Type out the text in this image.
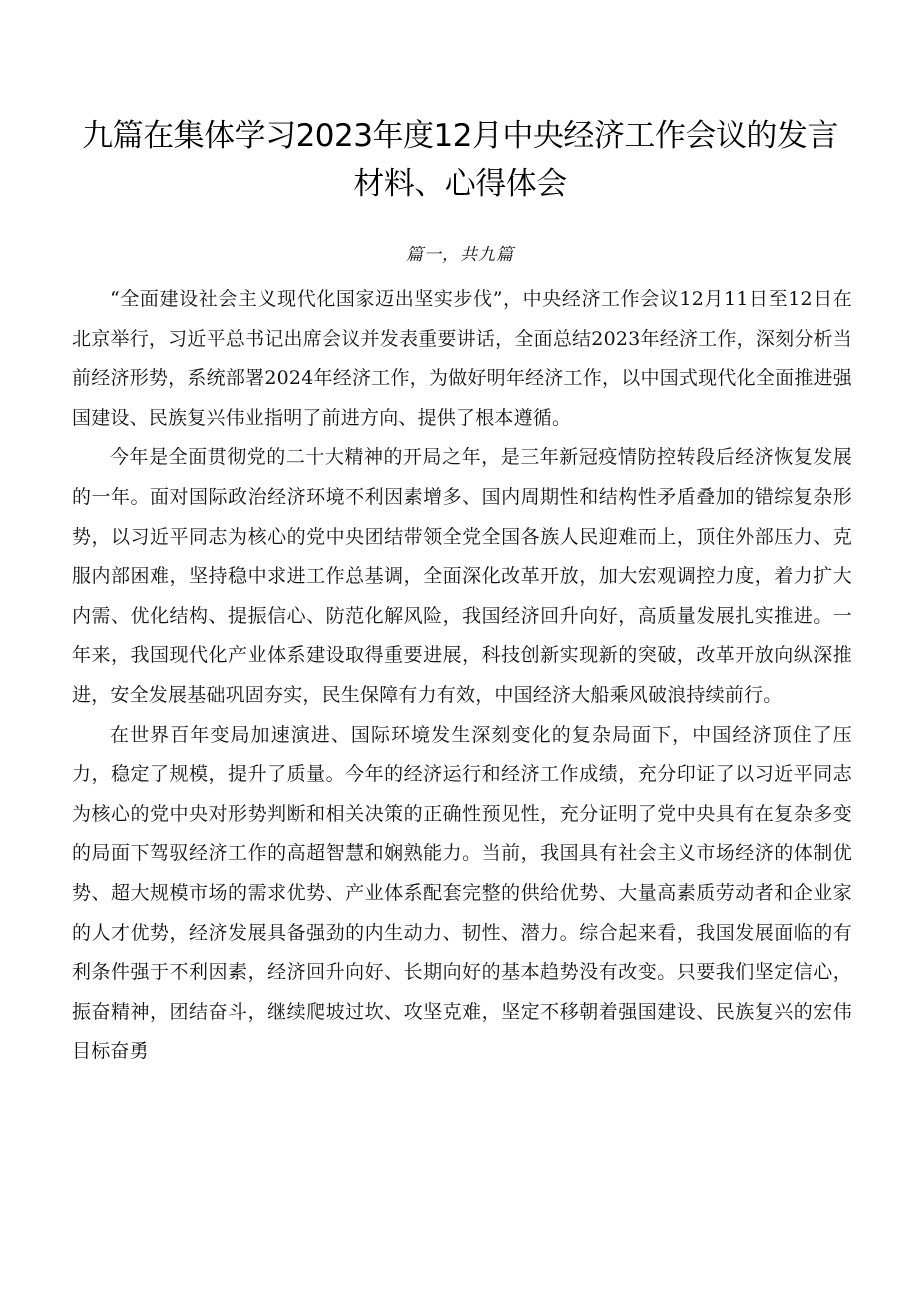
九篇在集体学习2023年度12月中央经济工作会议的发言材料、心得体会
篇一，共九篇

“全面建设社会主义现代化国家迈出坚实步伐”，中央经济工作会议12月11日至12日在北京举行，习近平总书记出席会议并发表重要讲话，全面总结2023年经济工作，深刻分析当前经济形势，系统部署2024年经济工作，为做好明年经济工作，以中国式现代化全面推进强国建设、民族复兴伟业指明了前进方向、提供了根本遵循。

今年是全面贯彻党的二十大精神的开局之年，是三年新冠疫情防控转段后经济恢复发展的一年。面对国际政治经济环境不利因素增多、国内周期性和结构性矛盾叠加的错综复杂形势，以习近平同志为核心的党中央团结带领全党全国各族人民迎难而上，顶住外部压力、克服内部困难，坚持稳中求进工作总基调，全面深化改革开放，加大宏观调控力度，着力扩大内需、优化结构、提振信心、防范化解风险，我国经济回升向好，高质量发展扎实推进。一年来，我国现代化产业体系建设取得重要进展，科技创新实现新的突破，改革开放向纵深推进，安全发展基础巩固夯实，民生保障有力有效，中国经济大船乘风破浪持续前行。

在世界百年变局加速演进、国际环境发生深刻变化的复杂局面下，中国经济顶住了压力，稳定了规模，提升了质量。今年的经济运行和经济工作成绩，充分印证了以习近平同志为核心的党中央对形势判断和相关决策的正确性预见性，充分证明了党中央具有在复杂多变的局面下驾驭经济工作的高超智慧和娴熟能力。当前，我国具有社会主义市场经济的体制优势、超大规模市场的需求优势、产业体系配套完整的供给优势、大量高素质劳动者和企业家的人才优势，经济发展具备强劲的内生动力、韧性、潜力。综合起来看，我国发展面临的有利条件强于不利因素，经济回升向好、长期向好的基本趋势没有改变。只要我们坚定信心，振奋精神，团结奋斗，继续爬坡过坎、攻坚克难，坚定不移朝着强国建设、民族复兴的宏伟目标奋勇
